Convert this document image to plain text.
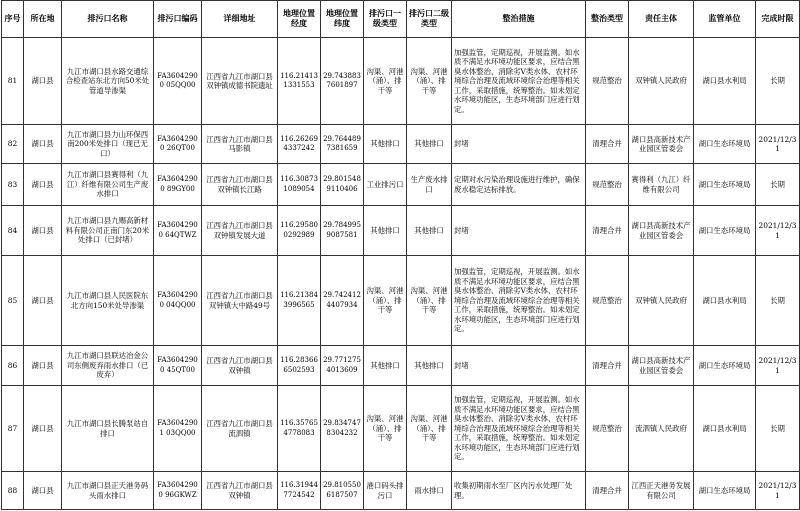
序号	所在地	排污口名称	排污口编码	详细地址	地理位置经度	地理位置纬度	排污口一级类型	排污口二级类型	整治措施	整治类型	责任主体	监管单位	完成时限
81	湖口县	九江市湖口县水路交通综合检查站东北方向50米处管道导渗渠	FA36042900 05QQ00	江西省九江市湖口县双钟镇成德书院遗址	116.21413 1331553	29.743883 7601897	沟渠、河港（涌）、排干等	沟渠、河港（涌）、排干等	加强监管，定期巡视，开展监测。如水质不满足水环境功能区要求，应结合黑臭水体整治、消除劣Ⅴ类水体、农村环境综合治理及流域环境综合治理等相关工作，采取措施，统筹整治。如未划定水环境功能区，生态环境部门应进行划定。	规范整治	双钟镇人民政府	湖口县水利局	长期
82	湖口县	九江市湖口县力山环保西南200米处排口（现已无口）	FA36042900 26QT00	江西省九江市湖口县马影镇	116.26269 4337242	29.764489 7381659	其他排口	其他排口	封堵	清理合并	湖口县高新技术产业园区管委会	湖口生态环境局	2021/12/31
83	湖口县	九江市湖口县赛得利（九江）纤维有限公司生产废水排口	FA36042900 89GY00	江西省九江市湖口县双钟镇长江路	116.30873 1089054	29.801548 9110406	工业排污口	生产废水排口	定期对水污染治理设施进行维护，确保废水稳定达标排放。	规范整治	赛得利（九江）纤维有限公司	湖口生态环境局	长期
84	湖口县	九江市湖口县九赐高新材料有限公司正南门东20米处排口（已封堵）	FA36042900 64QTWZ	江西省九江市湖口县双钟镇发展大道	116.29580 0292989	29.784995 9087581	其他排口	其他排口	封堵	清理合并	湖口县高新技术产业园区管委会	湖口生态环境局	2021/12/31
85	湖口县	九江市湖口县人民医院东北方向150米处导渗渠	FA36042900 04QQ00	江西省九江市湖口县双钟镇大中路49号	116.21384 3996565	29.742412 4407934	沟渠、河港（涌）、排干等	沟渠、河港（涌）、排干等	加强监管，定期巡视，开展监测。如水质不满足水环境功能区要求，应结合黑臭水体整治、消除劣Ⅴ类水体、农村环境综合治理及流域环境综合治理等相关工作，采取措施，统筹整治。如未划定水环境功能区，生态环境部门应进行划定。	规范整治	双钟镇人民政府	湖口县水利局	长期
86	湖口县	九江市湖口县联达冶金公司东侧废弃雨水排口（已废弃）	FA36042900 45QT00	江西省九江市湖口县双钟镇	116.28366 6502593	29.771275 4013609	其他排口	其他排口	封堵	清理合并	湖口县高新技术产业园区管委会	湖口生态环境局	2021/12/31
87	湖口县	九江市湖口县长腾泵站自排口	FA36042901 03QQ00	江西省九江市湖口县流泗镇	116.35765 4778083	29.834747 8304232	沟渠、河港（涌）、排干等	沟渠、河港（涌）、排干等	加强监管，定期巡视，开展监测。如水质不满足水环境功能区要求，应结合黑臭水体整治、消除劣Ⅴ类水体、农村环境综合治理及流域环境综合治理等相关工作，采取措施，统筹整治。如未划定水环境功能区，生态环境部门应进行划定。	规范整治	流泗镇人民政府	湖口县水利局	长期
88	湖口县	九江市湖口县正天港务码头雨水排口	FA36042900 96GKWZ	江西省九江市湖口县双钟镇	116.31944 7724542	29.810550 6187507	港口码头排污口	雨水排口	收集初期雨水至厂区内污水处理厂处理。	清理合并	江西正天港务发展有限公司	湖口生态环境局	2021/12/31
